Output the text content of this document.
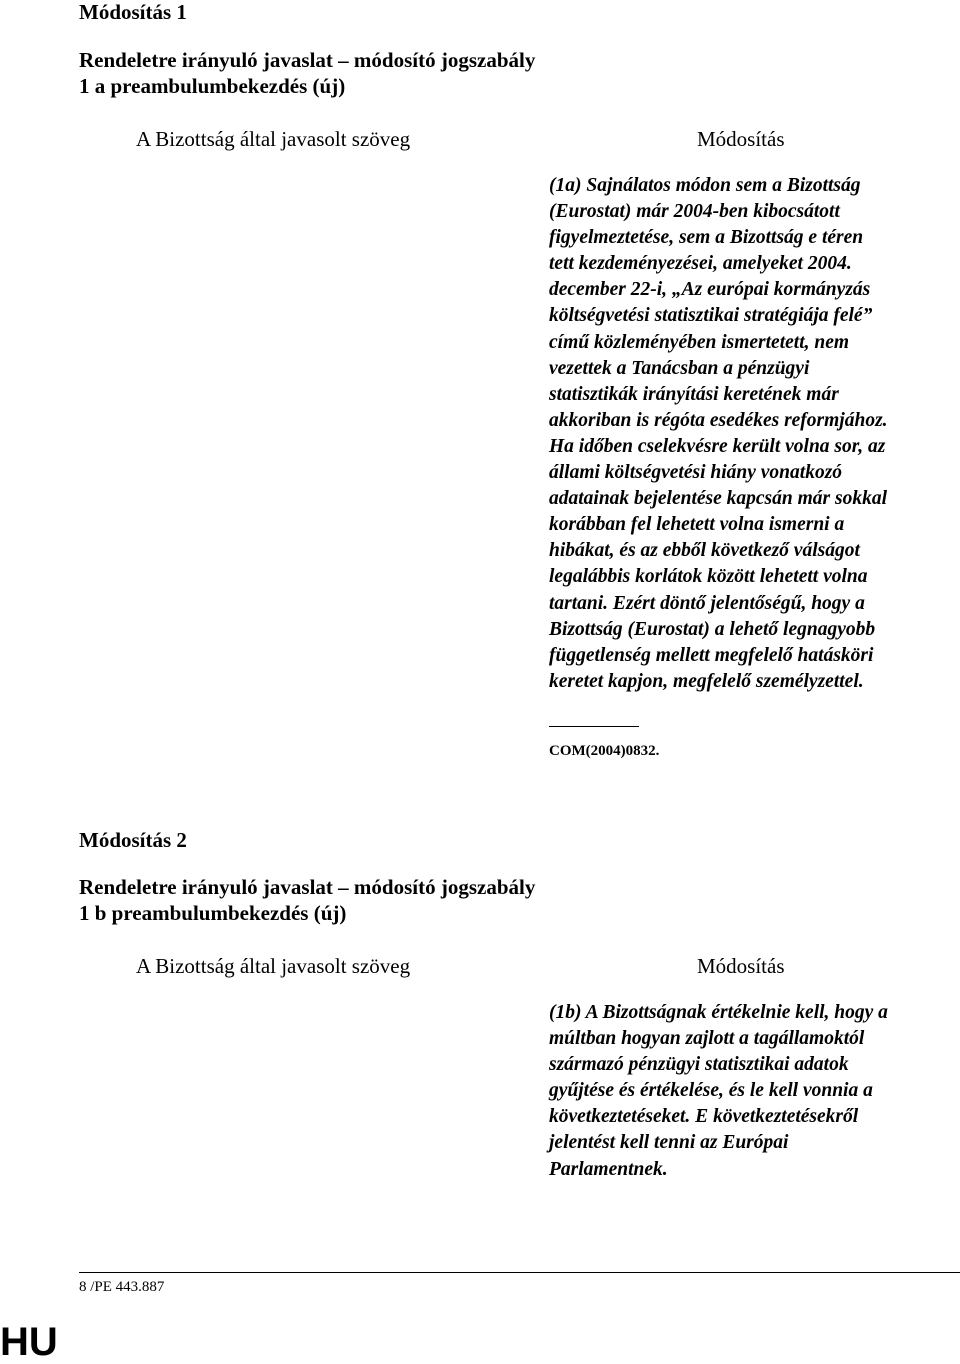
Módosítás 1
Rendeletre irányuló javaslat – módosító jogszabály
1 a preambulumbekezdés (új)
A Bizottság által javasolt szöveg	Módosítás
(1a) Sajnálatos módon sem a Bizottság
(Eurostat) már 2004-ben kibocsátott
figyelmeztetése, sem a Bizottság e téren
tett kezdeményezései, amelyeket 2004.
december 22-i, „Az európai kormányzás
költségvetési statisztikai stratégiája felé”
című közleményében ismertetett, nem
vezettek a Tanácsban a pénzügyi
statisztikák irányítási keretének már
akkoriban is régóta esedékes reformjához.
Ha időben cselekvésre került volna sor, az
állami költségvetési hiány vonatkozó
adatainak bejelentése kapcsán már sokkal
korábban fel lehetett volna ismerni a
hibákat, és az ebből következő válságot
legalábbis korlátok között lehetett volna
tartani. Ezért döntő jelentőségű, hogy a
Bizottság (Eurostat) a lehető legnagyobb
függetlenség mellett megfelelő hatásköri
keretet kapjon, megfelelő személyzettel.
COM(2004)0832.
Módosítás 2
Rendeletre irányuló javaslat – módosító jogszabály
1 b preambulumbekezdés (új)
A Bizottság által javasolt szöveg	Módosítás
(1b) A Bizottságnak értékelnie kell, hogy a
múltban hogyan zajlott a tagállamoktól
származó pénzügyi statisztikai adatok
gyűjtése és értékelése, és le kell vonnia a
következtetéseket. E következtetésekről
jelentést kell tenni az Európai
Parlamentnek.
8 /PE 443.887
HU
